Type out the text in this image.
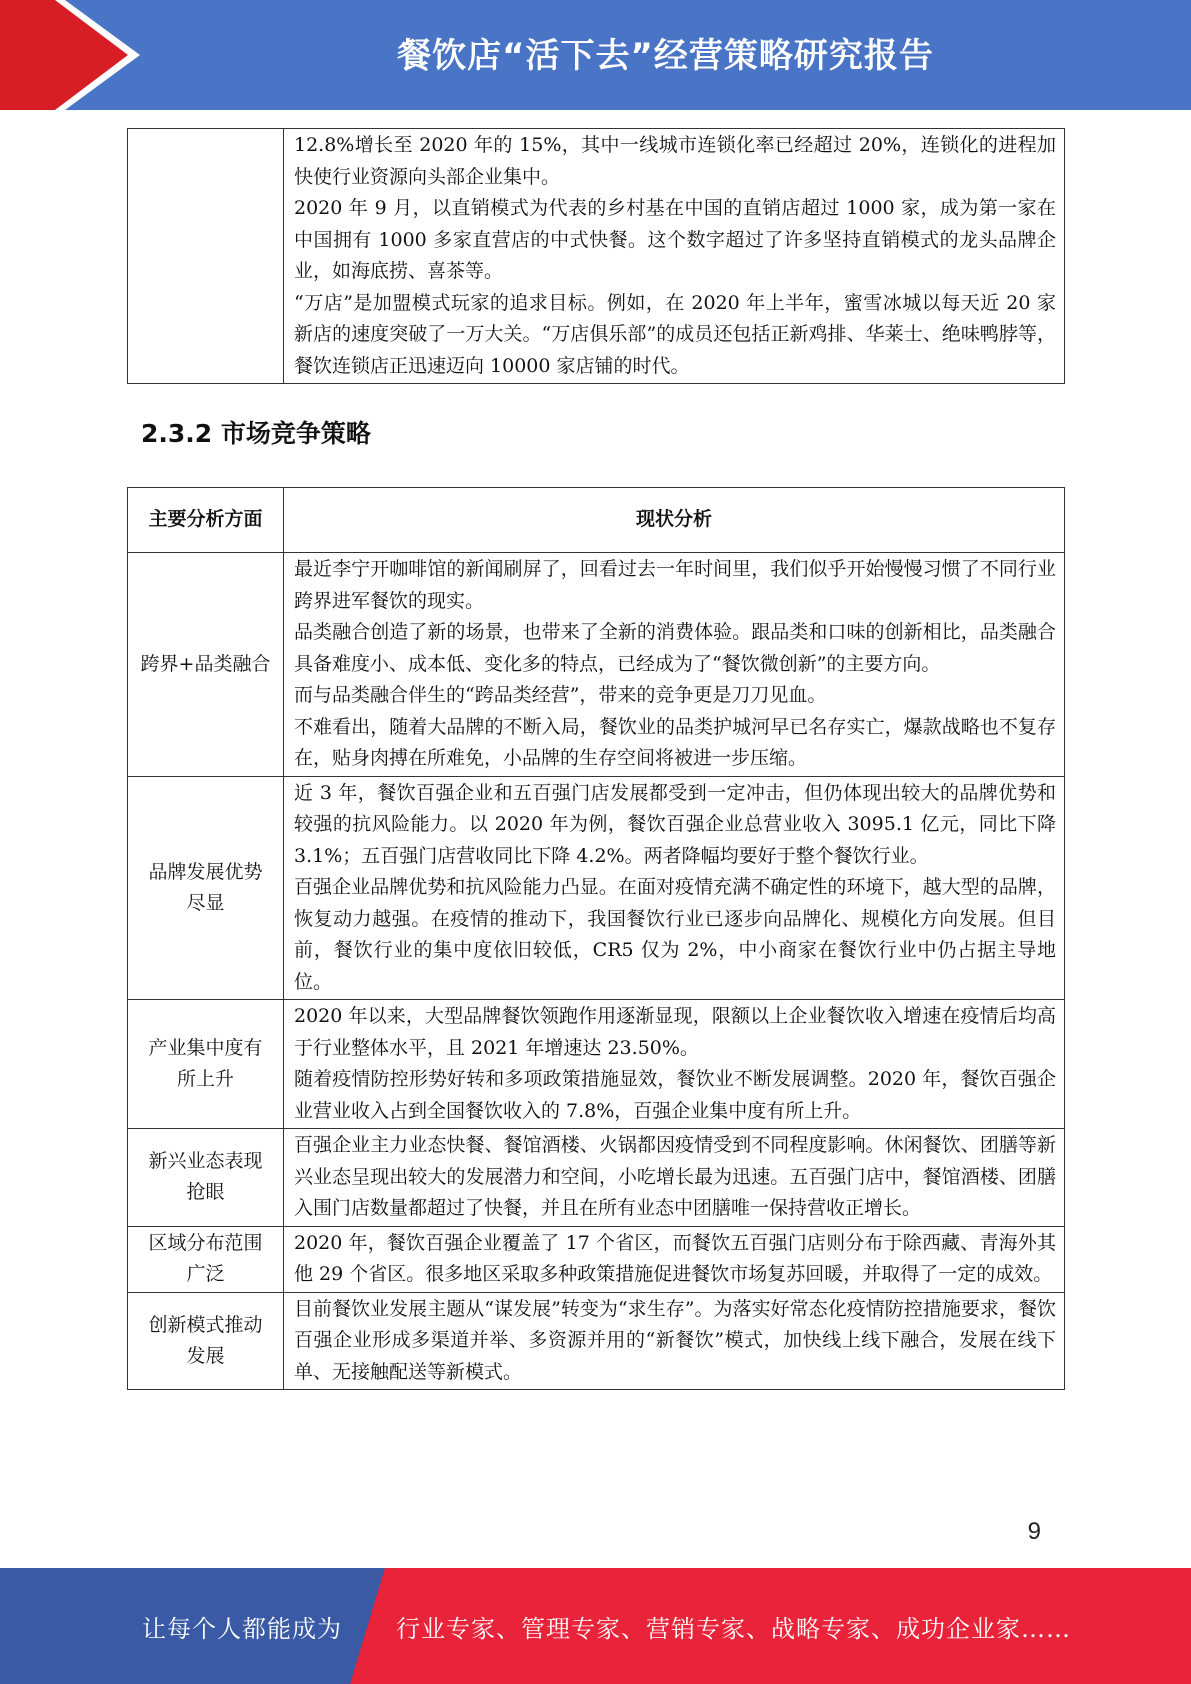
餐饮店“活下去”经营策略研究报告

12.8%增长至 2020 年的 15%，其中一线城市连锁化率已经超过 20%，连锁化的进程加快使行业资源向头部企业集中。

2020 年 9 月，以直销模式为代表的乡村基在中国的直销店超过 1000 家，成为第一家在中国拥有 1000 多家直营店的中式快餐。这个数字超过了许多坚持直销模式的龙头品牌企业，如海底捞、喜茶等。

“万店”是加盟模式玩家的追求目标。例如，在 2020 年上半年，蜜雪冰城以每天近 20 家新店的速度突破了一万大关。“万店俱乐部”的成员还包括正新鸡排、华莱士、绝味鸭脖等，餐饮连锁店正迅速迈向 10000 家店铺的时代。

2.3.2 市场竞争策略
主要分析方面	现状分析
跨界+品类融合	最近李宁开咖啡馆的新闻刷屏了，回看过去一年时间里，我们似乎开始慢慢习惯了不同行业跨界进军餐饮的现实。

品类融合创造了新的场景，也带来了全新的消费体验。跟品类和口味的创新相比，品类融合具备难度小、成本低、变化多的特点，已经成为了“餐饮微创新”的主要方向。

而与品类融合伴生的“跨品类经营”，带来的竞争更是刀刀见血。

不难看出，随着大品牌的不断入局，餐饮业的品类护城河早已名存实亡，爆款战略也不复存在，贴身肉搏在所难免，小品牌的生存空间将被进一步压缩。

品牌发展优势尽显	近 3 年，餐饮百强企业和五百强门店发展都受到一定冲击，但仍体现出较大的品牌优势和较强的抗风险能力。以 2020 年为例，餐饮百强企业总营业收入 3095.1 亿元，同比下降 3.1%；五百强门店营收同比下降 4.2%。两者降幅均要好于整个餐饮行业。

百强企业品牌优势和抗风险能力凸显。在面对疫情充满不确定性的环境下，越大型的品牌，恢复动力越强。在疫情的推动下，我国餐饮行业已逐步向品牌化、规模化方向发展。但目前，餐饮行业的集中度依旧较低，CR5 仅为 2%，中小商家在餐饮行业中仍占据主导地位。

产业集中度有所上升	2020 年以来，大型品牌餐饮领跑作用逐渐显现，限额以上企业餐饮收入增速在疫情后均高于行业整体水平，且 2021 年增速达 23.50%。

随着疫情防控形势好转和多项政策措施显效，餐饮业不断发展调整。2020 年，餐饮百强企业营业收入占到全国餐饮收入的 7.8%，百强企业集中度有所上升。

新兴业态表现抢眼	百强企业主力业态快餐、餐馆酒楼、火锅都因疫情受到不同程度影响。休闲餐饮、团膳等新兴业态呈现出较大的发展潜力和空间，小吃增长最为迅速。五百强门店中，餐馆酒楼、团膳入围门店数量都超过了快餐，并且在所有业态中团膳唯一保持营收正增长。

区域分布范围广泛	2020 年，餐饮百强企业覆盖了 17 个省区，而餐饮五百强门店则分布于除西藏、青海外其他 29 个省区。很多地区采取多种政策措施促进餐饮市场复苏回暖，并取得了一定的成效。

创新模式推动发展	目前餐饮业发展主题从“谋发展”转变为“求生存”。为落实好常态化疫情防控措施要求，餐饮百强企业形成多渠道并举、多资源并用的“新餐饮”模式，加快线上线下融合，发展在线下单、无接触配送等新模式。

9
让每个人都能成为 行业专家、管理专家、营销专家、战略专家、成功企业家……
